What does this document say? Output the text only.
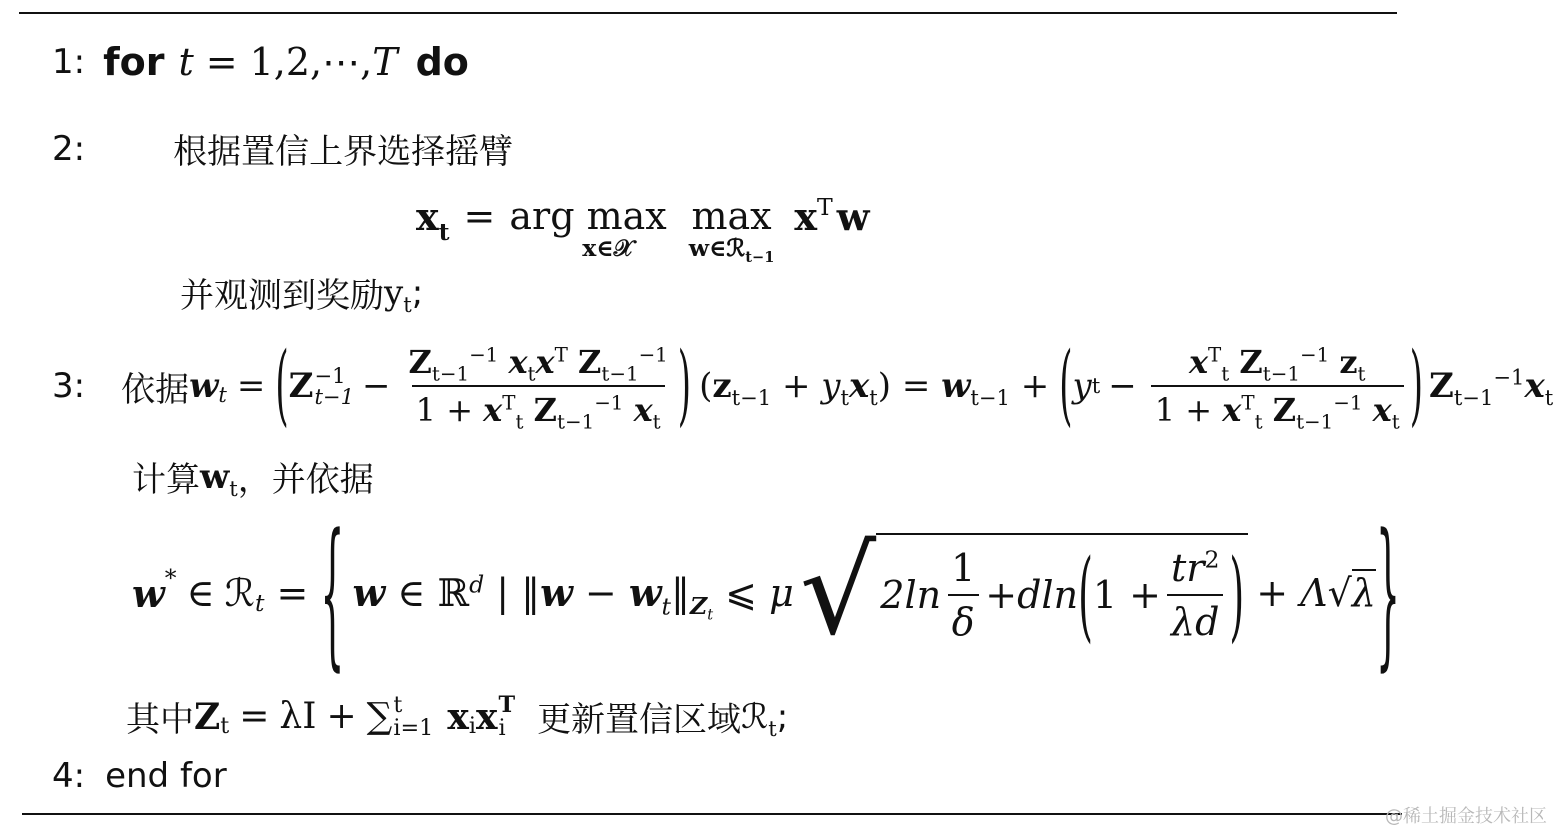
1: for t = 1,2,⋯, T do
2:	根据置信上界选择摇臂
$x_t$ = arg max
x∈𝒳
max
w∈ℛ$_{t-1}$
$x^T$ w
并观测到奖励 $y_t$ ;
3: 依据 w t = ( Z −1
$t-1 - \frac{Z_{t-1}^{-1} x_tx^T Z_{t-1}^{-1}}{1 + x^T_t Z_{t-1}^{-1} x_t}$ ) $(z_{t-1} + y_tx_t) = w_{t-1}$ + ( y $t - \frac{x^T_t Z_{t-1}^{-1} z_t}{1 + x^T_t Z_{t-1}^{-1} x_t}$ ) $Z_{t-1}^{-1}x_t$
计算 $w_t$ ， 并依据
w * ∈ ℛ t = { w ∈ ℝ$^d$ | ‖w − $w_t‖_{Z_t}$ ⩽ μ √ $2\ln \frac{1}{\delta} + dln$ ( $1 + \frac{tr^2}{\lambda d}$ ) + Λ√λ }
其中 Z t = λI + ∑ t
i=1 x i x T
i 更新置信区域 ℛ$_t$ ;
4: end for
@稀土掘金技术社区
